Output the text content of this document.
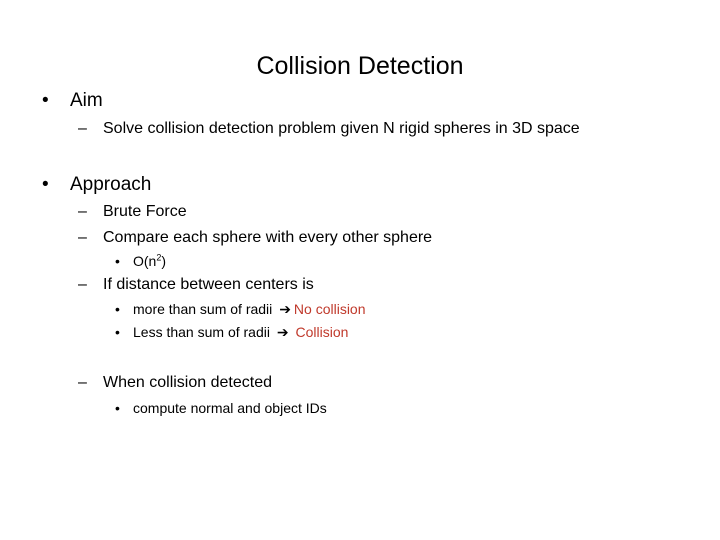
Collision Detection
• Aim
– Solve collision detection problem given N rigid spheres in 3D space
• Approach
– Brute Force
– Compare each sphere with every other sphere
• $O(n^2)$
– If distance between centers is
• more than sum of radii ➔ No collision
• Less than sum of radii ➔ Collision
– When collision detected
• compute normal and object IDs
